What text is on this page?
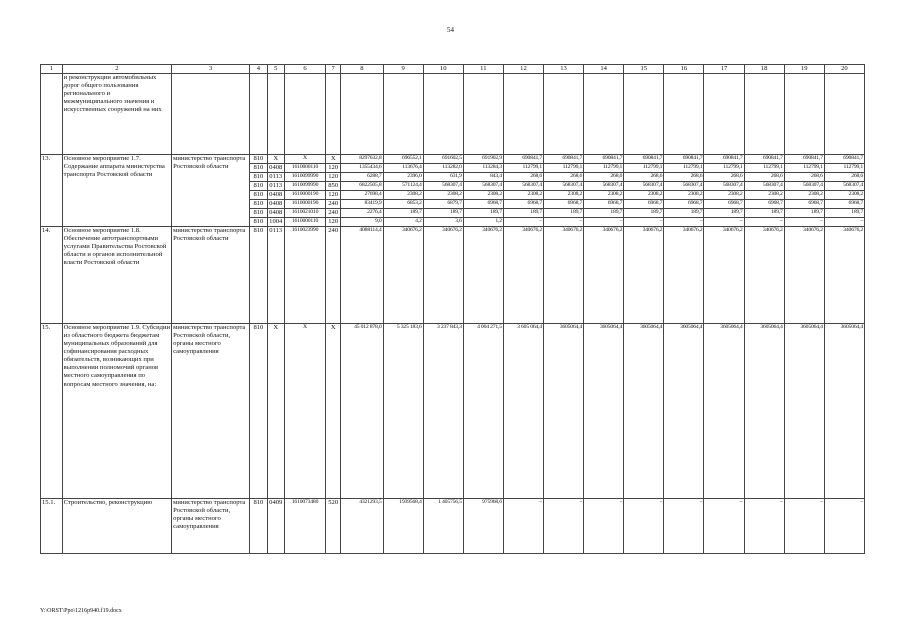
54
1	2	3	4	5	6	7	8	9	10	11	12	13	14	15	16	17	18	19	20
	и реконструкции автомобильных дорог общего пользования регионального и межмуниципального значения и искусственных сооружений на них																		
13.	Основное мероприятие 1.7. Содержание аппарата министерства транспорта Ростовской области	министерство транспорта Ростовской области	810	Х	Х	Х	8297632,8	696552,1	691602,5	691902,9	690841,7	690841,7	690841,7	690841,7	690841,7	690841,7	690841,7	690841,7	690841,7
			810	0408	1610000110	120	1355434,6	113676,4	113282,0	113284,3	112799,1	112799,1	112799,1	112799,1	112799,1	112799,1	112799,1	112799,1	112799,1
			810	0113	1610099990	120	6288,7	2396,0	631,9	843,4	268,6	268,6	268,6	268,6	268,6	268,6	268,6	268,6	268,6
			810	0113	1610099990	850	6822505,8	571124,4	568307,4	568307,4	568307,4	568307,4	568307,4	568307,4	568307,4	568307,4	568307,4	568307,4	568307,4
			810	0408	1610000190	120	27698,4	2308,2	2308,2	2308,2	2308,2	2308,2	2308,2	2308,2	2308,2	2308,2	2308,2	2308,2	2308,2
			810	0408	1610000190	240	83419,9	6853,2	6879,7	6968,7	6968,7	6968,7	6968,7	6968,7	6968,7	6968,7	6968,7	6968,7	6968,7
			810	0408	1610021010	240	2276,4	189,7	189,7	189,7	189,7	189,7	189,7	189,7	189,7	189,7	189,7	189,7	189,7
			810	1004	1610000110	120	9,0	4,2	3,6	1,2	–	–	–	–	–	–	–	–	–
14.	Основное мероприятие 1.8. Обеспечение автотранспортными услугами Правительства Ростовской области и органов исполнительной власти Ростовской области	министерство транспорта Ростовской области	810	0113	1610023990	240	4088114,4	340676,2	340676,2	340676,2	340676,2	340676,2	340676,2	340676,2	340676,2	340676,2	340676,2	340676,2	340676,2
15.	Основное мероприятие 1.9. Субсидии из областного бюджета бюджетам муниципальных образований для софинансирования расходных обязательств, возникающих при выполнении полномочий органов местного самоуправления по вопросам местного значения, на:	министерство транспорта Ростовской области, органы местного самоуправления	810	Х	Х	Х	45 012 878,0	5 325 183,6	3 237 843,3	4 004 271,5	3 605 064,4	3605064,4	3605064,4	3605064,4	3605064,4	3605064,4	3605064,4	3605064,4	3605064,4
15.1.	Строительство, реконструкцию	министерство транспорта Ростовской области, органы местного самоуправления	810	0409	1610073480	520	4321293,5	1939568,4	1 405756,5	975968,6	–	–	–	–	–	–	–	–	–
Y:\ORST\Ppo\1216p940.f19.docx
